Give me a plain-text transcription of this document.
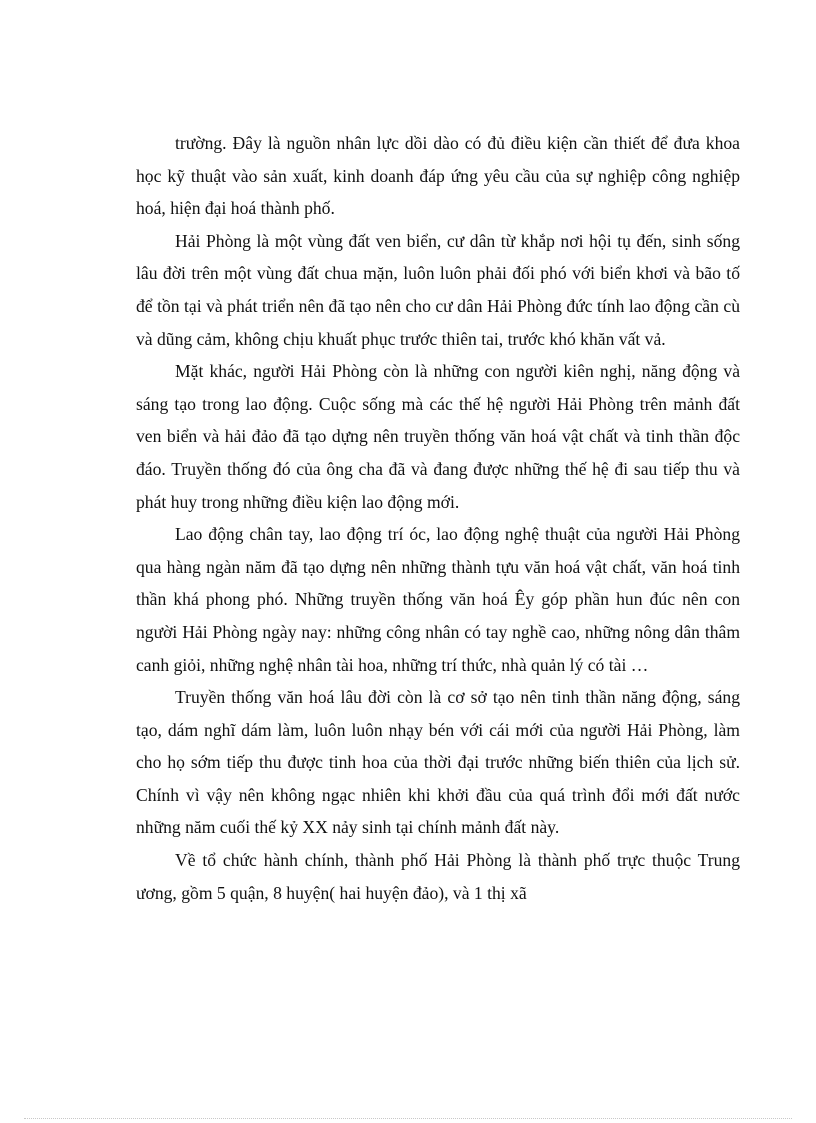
trường. Đây là nguồn nhân lực dồi dào có đủ điều kiện cần thiết để đưa khoa học kỹ thuật vào sản xuất, kinh doanh đáp ứng yêu cầu của sự nghiệp công nghiệp hoá, hiện đại hoá thành phố.

Hải Phòng là một vùng đất ven biển, cư dân từ khắp nơi hội tụ đến, sinh sống lâu đời trên một vùng đất chua mặn, luôn luôn phải đối phó với biển khơi và bão tố để tồn tại và phát triển nên đã tạo nên cho cư dân Hải Phòng đức tính lao động cần cù và dũng cảm, không chịu khuất phục trước thiên tai, trước khó khăn vất vả.

Mặt khác, người Hải Phòng còn là những con người kiên nghị, năng động và sáng tạo trong lao động. Cuộc sống mà các thế hệ người Hải Phòng trên mảnh đất ven biển và hải đảo đã tạo dựng nên truyền thống văn hoá vật chất và tinh thần độc đáo. Truyền thống đó của ông cha đã và đang được những thế hệ đi sau tiếp thu và phát huy trong những điều kiện lao động mới.

Lao động chân tay, lao động trí óc, lao động nghệ thuật của người Hải Phòng qua hàng ngàn năm đã tạo dựng nên những thành tựu văn hoá vật chất, văn hoá tinh thần khá phong phó. Những truyền thống văn hoá Êy góp phần hun đúc nên con người Hải Phòng ngày nay: những công nhân có tay nghề cao, những nông dân thâm canh giỏi, những nghệ nhân tài hoa, những trí thức, nhà quản lý có tài …

Truyền thống văn hoá lâu đời còn là cơ sở tạo nên tinh thần năng động, sáng tạo, dám nghĩ dám làm, luôn luôn nhạy bén với cái mới của người Hải Phòng, làm cho họ sớm tiếp thu được tinh hoa của thời đại trước những biến thiên của lịch sử. Chính vì vậy nên không ngạc nhiên khi khởi đầu của quá trình đổi mới đất nước những năm cuối thế kỷ XX nảy sinh tại chính mảnh đất này.

Về tổ chức hành chính, thành phố Hải Phòng là thành phố trực thuộc Trung ương, gồm 5 quận, 8 huyện( hai huyện đảo), và 1 thị xã
